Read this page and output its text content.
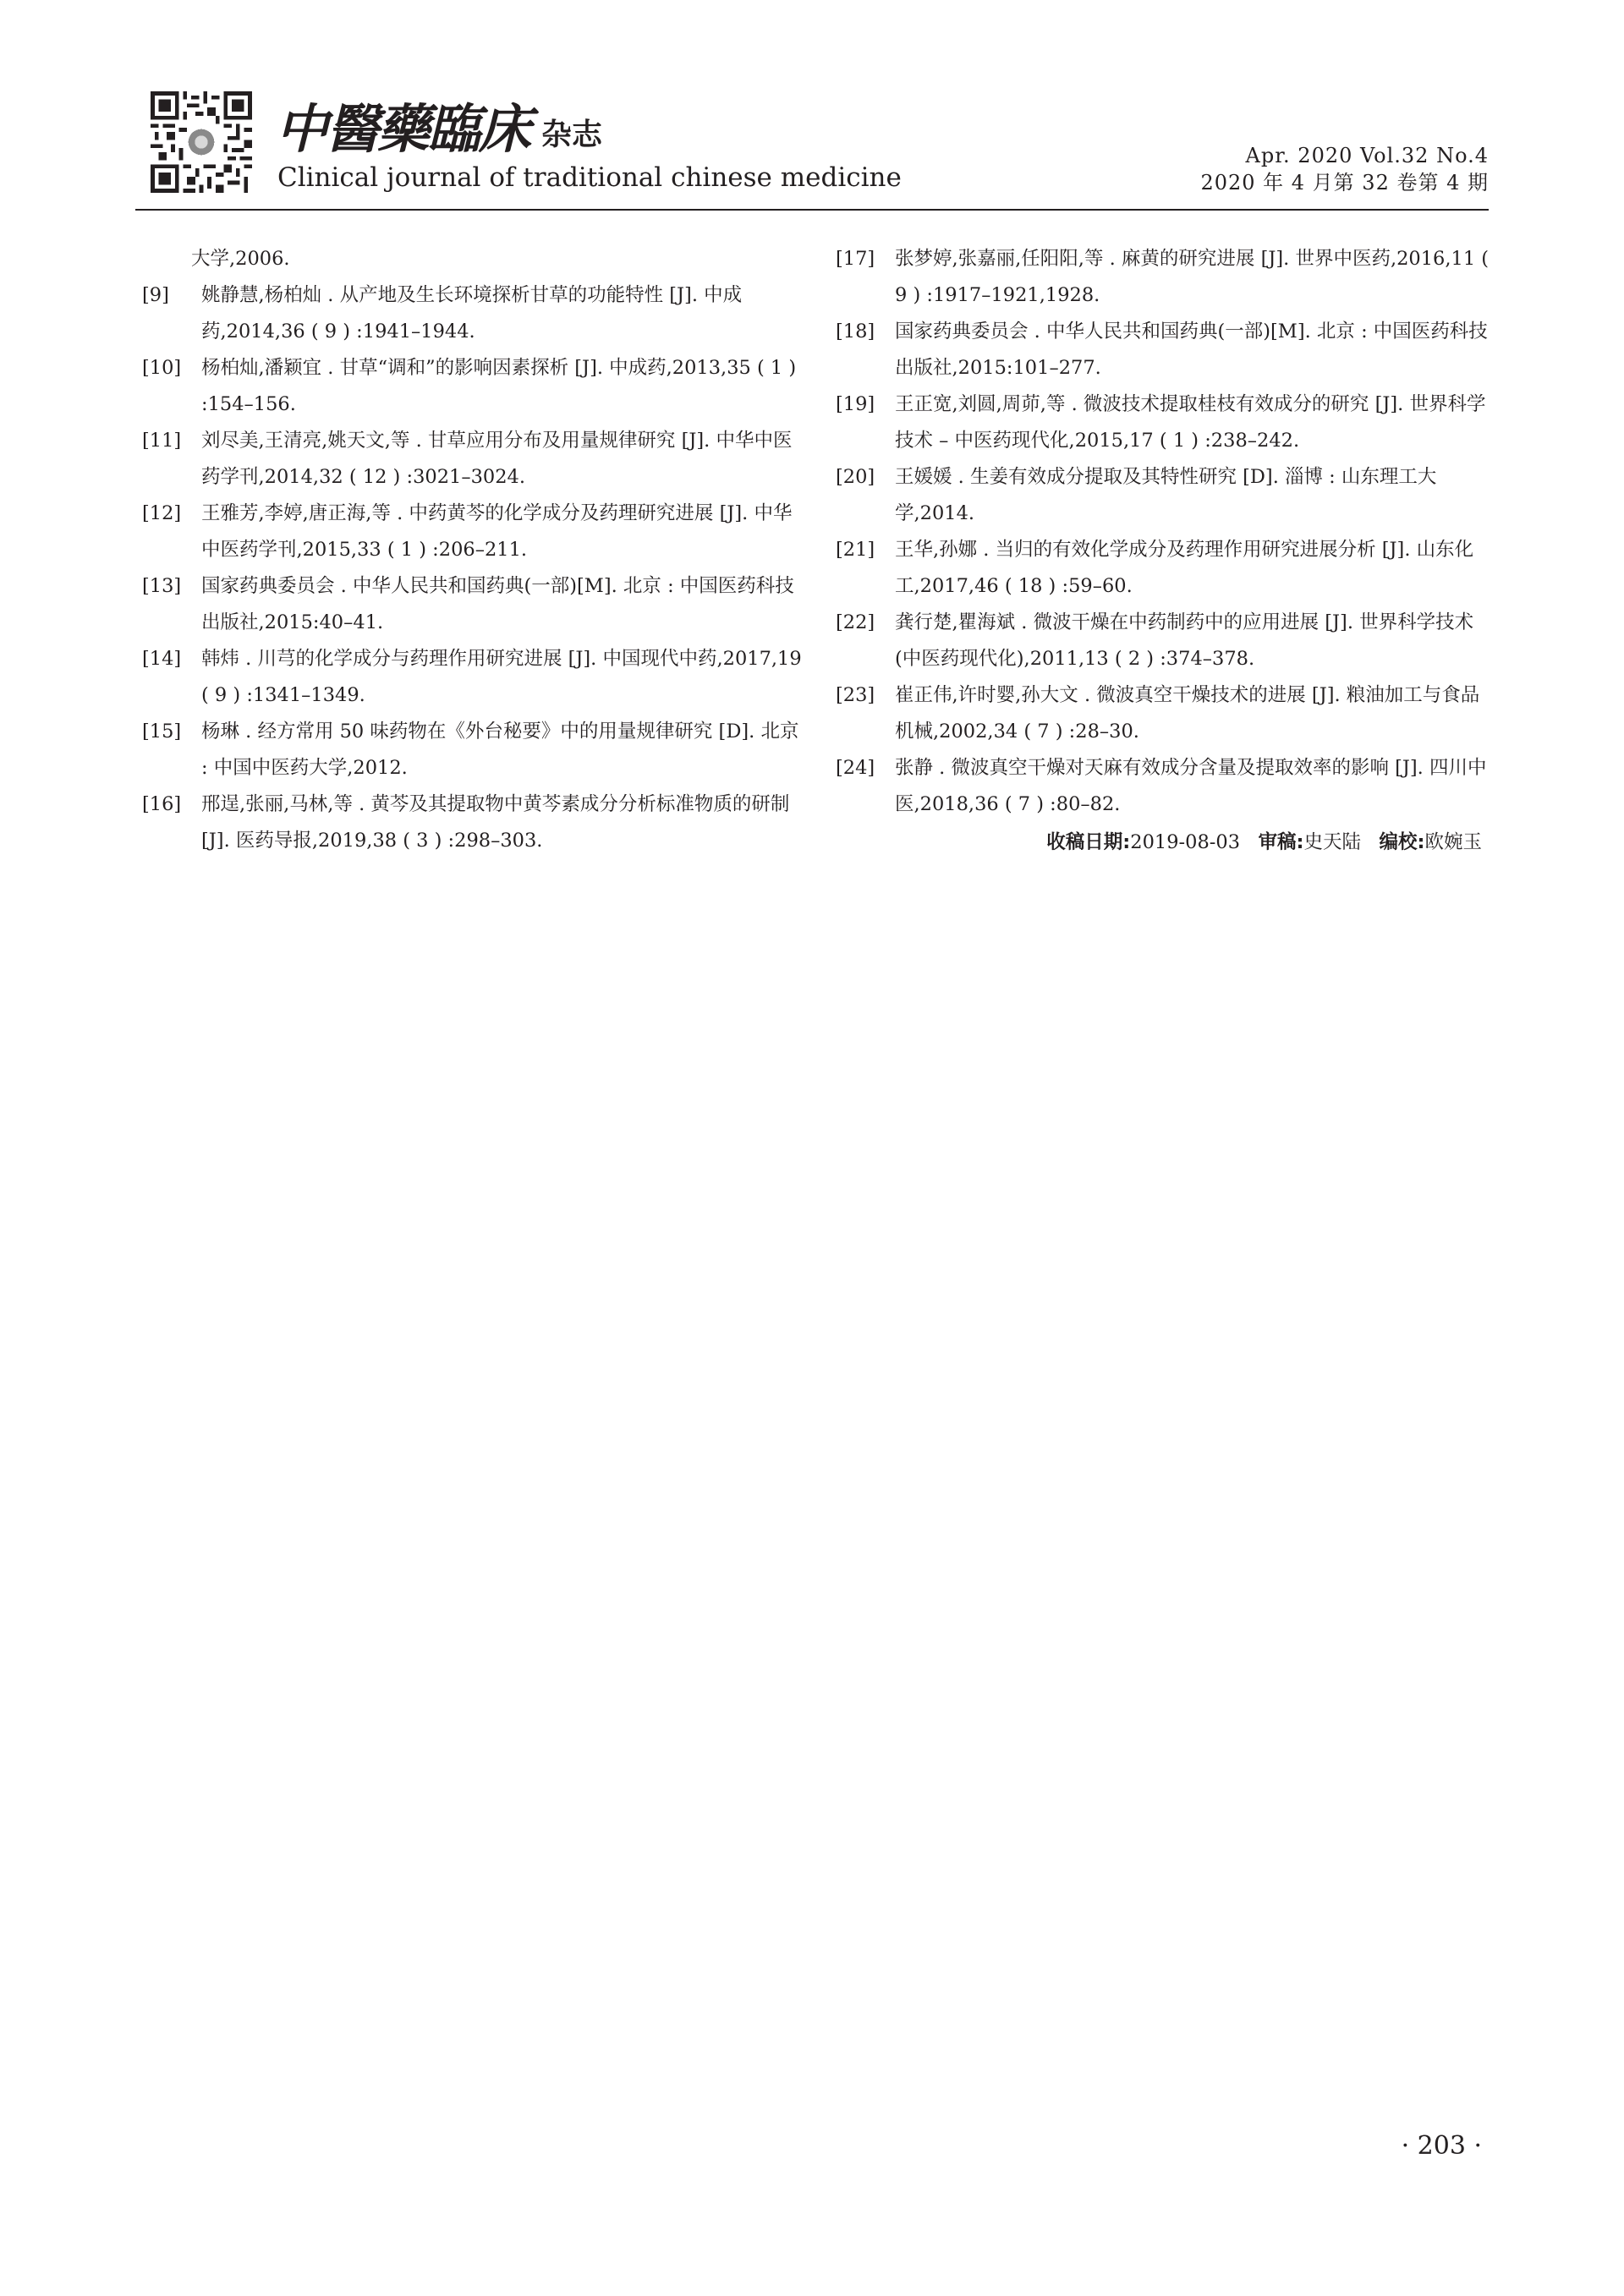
中醫藥臨床 杂志
Clinical journal of traditional chinese medicine
Apr. 2020 Vol.32 No.4
2020 年 4 月第 32 卷第 4 期
大学,2006.
[9]	姚静慧,杨柏灿 . 从产地及生长环境探析甘草的功能特性 [J]. 中成药,2014,36 ( 9 ) :1941–1944.
[10]	杨柏灿,潘颖宜 . 甘草“调和”的影响因素探析 [J]. 中成药,2013,35 ( 1 ) :154–156.
[11]	刘尽美,王清亮,姚天文,等 . 甘草应用分布及用量规律研究 [J]. 中华中医药学刊,2014,32 ( 12 ) :3021–3024.
[12]	王雅芳,李婷,唐正海,等 . 中药黄芩的化学成分及药理研究进展 [J]. 中华中医药学刊,2015,33 ( 1 ) :206–211.
[13]	国家药典委员会 . 中华人民共和国药典(一部)[M]. 北京 : 中国医药科技出版社,2015:40–41.
[14]	韩炜 . 川芎的化学成分与药理作用研究进展 [J]. 中国现代中药,2017,19 ( 9 ) :1341–1349.
[15]	杨琳 . 经方常用 50 味药物在《外台秘要》中的用量规律研究 [D]. 北京 : 中国中医药大学,2012.
[16]	邢逞,张丽,马林,等 . 黄芩及其提取物中黄芩素成分分析标准物质的研制 [J]. 医药导报,2019,38 ( 3 ) :298–303.
[17]	张梦婷,张嘉丽,任阳阳,等 . 麻黄的研究进展 [J]. 世界中医药,2016,11 ( 9 ) :1917–1921,1928.
[18]	国家药典委员会 . 中华人民共和国药典(一部)[M]. 北京 : 中国医药科技出版社,2015:101–277.
[19]	王正宽,刘圆,周茆,等 . 微波技术提取桂枝有效成分的研究 [J]. 世界科学技术 – 中医药现代化,2015,17 ( 1 ) :238–242.
[20]	王媛媛 . 生姜有效成分提取及其特性研究 [D]. 淄博 : 山东理工大学,2014.
[21]	王华,孙娜 . 当归的有效化学成分及药理作用研究进展分析 [J]. 山东化工,2017,46 ( 18 ) :59–60.
[22]	龚行楚,瞿海斌 . 微波干燥在中药制药中的应用进展 [J]. 世界科学技术(中医药现代化),2011,13 ( 2 ) :374–378.
[23]	崔正伟,许时婴,孙大文 . 微波真空干燥技术的进展 [J]. 粮油加工与食品机械,2002,34 ( 7 ) :28–30.
[24]	张静 . 微波真空干燥对天麻有效成分含量及提取效率的影响 [J]. 四川中医,2018,36 ( 7 ) :80–82.
收稿日期:2019-08-03 审稿:史天陆 编校:欧婉玉
· 203 ·
